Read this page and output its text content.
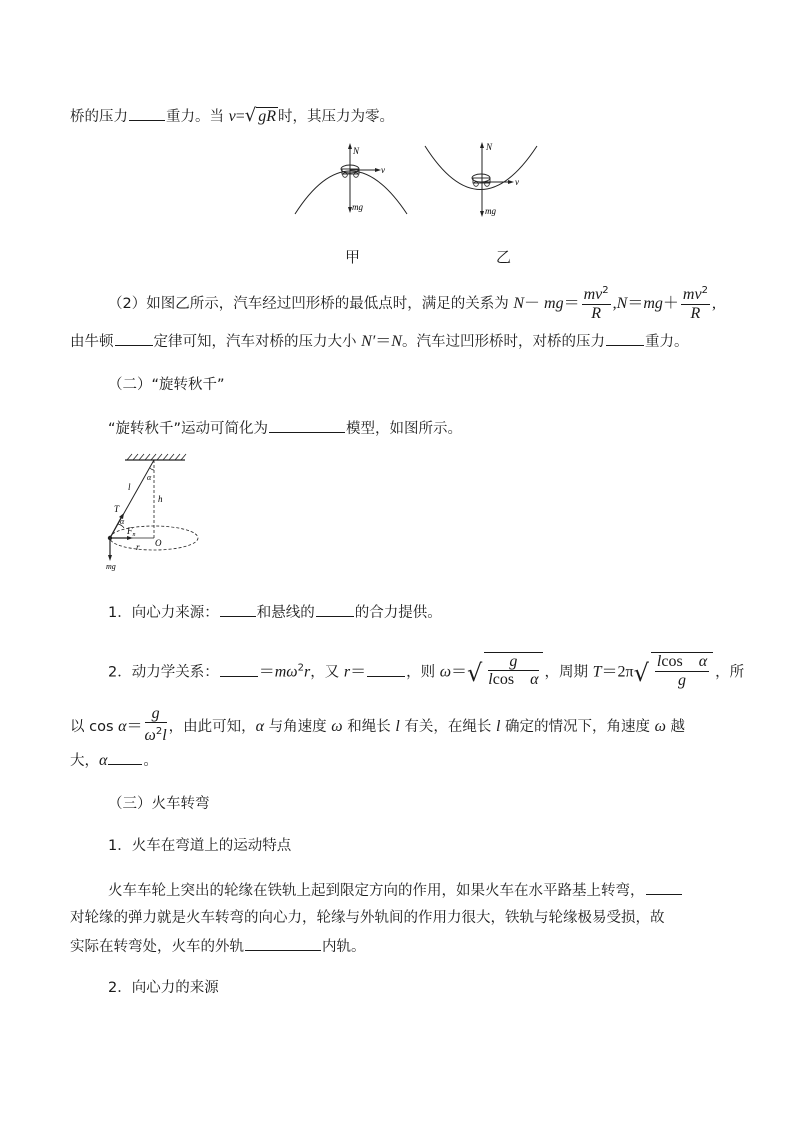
桥的压力	重力。当 v=√ gR 时，其压力为零。
N
v
mg
N
v
mg
甲	乙
（2）如图乙所示，汽车经过凹形桥的最低点时，满足的关系为 $N- mg= \frac{mv^2}{R} ,N=mg+ \frac{mv^2}{R}$ ,
由牛顿	定律可知，汽车对桥的压力大小 N′＝N。汽车过凹形桥时，对桥的压力	重力。
（二）“旋转秋千”
“旋转秋千”运动可简化为	模型，如图所示。
α
l
h
T
α
$F_n$
O
r
mg
1．向心力来源：	和悬线的	的合力提供。
2．动力学关系：	$=m\omega^2r$，又 r＝	，则 $\omega=√ \frac{g}{\text{lcos　α}}$ ，周期 $T=2\pi√ \frac{\text{lcos　α}}{g}$ ，所
以 $\cos \alpha= \frac{g}{\omega^2l}$ ，由此可知，α 与角速度 ω 和绳长 l 有关，在绳长 l 确定的情况下，角速度 ω 越
大，α 。
（三）火车转弯
1．火车在弯道上的运动特点
火车车轮上突出的轮缘在铁轨上起到限定方向的作用，如果火车在水平路基上转弯，
对轮缘的弹力就是火车转弯的向心力，轮缘与外轨间的作用力很大，铁轨与轮缘极易受损，故
实际在转弯处，火车的外轨	内轨。
2．向心力的来源
